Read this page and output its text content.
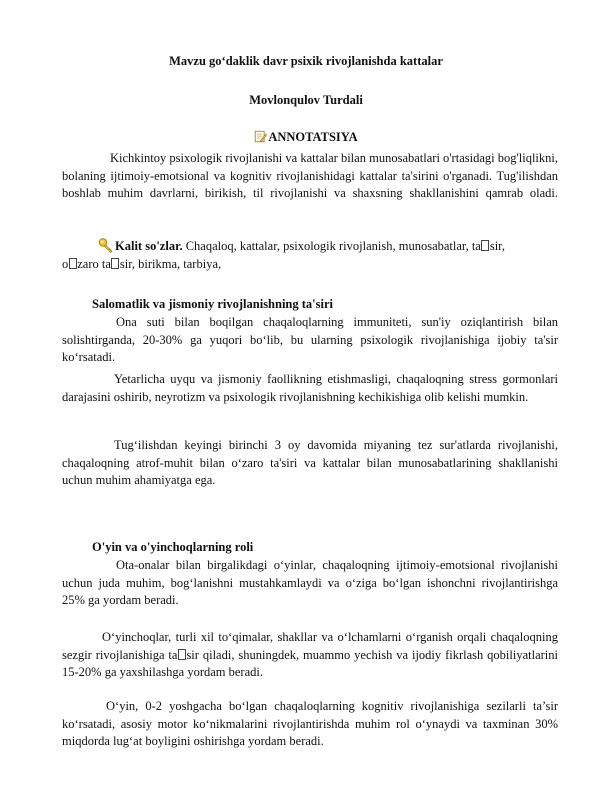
Mavzu go‘daklik davr psixik rivojlanishda kattalar
Movlonqulov Turdali
ANNOTATSIYA
Kichkintoy psixologik rivojlanishi va kattalar bilan munosabatlari o'rtasidagi bog'liqlikni, bolaning ijtimoiy-emotsional va kognitiv rivojlanishidagi kattalar ta'sirini o'rganadi. Tug'ilishdan boshlab muhim davrlarni, birikish, til rivojlanishi va shaxsning shakllanishini qamrab oladi.
Kalit so'zlar. Chaqaloq, kattalar, psixologik rivojlanish, munosabatlar, ta sir,
o zaro ta sir, birikma, tarbiya,
Salomatlik va jismoniy rivojlanishning ta'siri
Ona suti bilan boqilgan chaqaloqlarning immuniteti, sun'iy oziqlantirish bilan solishtirganda, 20-30% ga yuqori bo‘lib, bu ularning psixologik rivojlanishiga ijobiy ta'sir ko‘rsatadi.
Yetarlicha uyqu va jismoniy faollikning etishmasligi, chaqaloqning stress gormonlari darajasini oshirib, neyrotizm va psixologik rivojlanishning kechikishiga olib kelishi mumkin.
Tug‘ilishdan keyingi birinchi 3 oy davomida miyaning tez sur'atlarda rivojlanishi, chaqaloqning atrof-muhit bilan o‘zaro ta'siri va kattalar bilan munosabatlarining shakllanishi uchun muhim ahamiyatga ega.
O'yin va o'yinchoqlarning roli
Ota-onalar bilan birgalikdagi o‘yinlar, chaqaloqning ijtimoiy-emotsional rivojlanishi uchun juda muhim, bog‘lanishni mustahkamlaydi va o‘ziga bo‘lgan ishonchni rivojlantirishga 25% ga yordam beradi.
O‘yinchoqlar, turli xil to‘qimalar, shakllar va o‘lchamlarni o‘rganish orqali chaqaloqning sezgir rivojlanishiga ta sir qiladi, shuningdek, muammo yechish va ijodiy fikrlash qobiliyatlarini 15-20% ga yaxshilashga yordam beradi.
O‘yin, 0-2 yoshgacha bo‘lgan chaqaloqlarning kognitiv rivojlanishiga sezilarli ta’sir ko‘rsatadi, asosiy motor ko‘nikmalarini rivojlantirishda muhim rol o‘ynaydi va taxminan 30% miqdorda lug‘at boyligini oshirishga yordam beradi.
